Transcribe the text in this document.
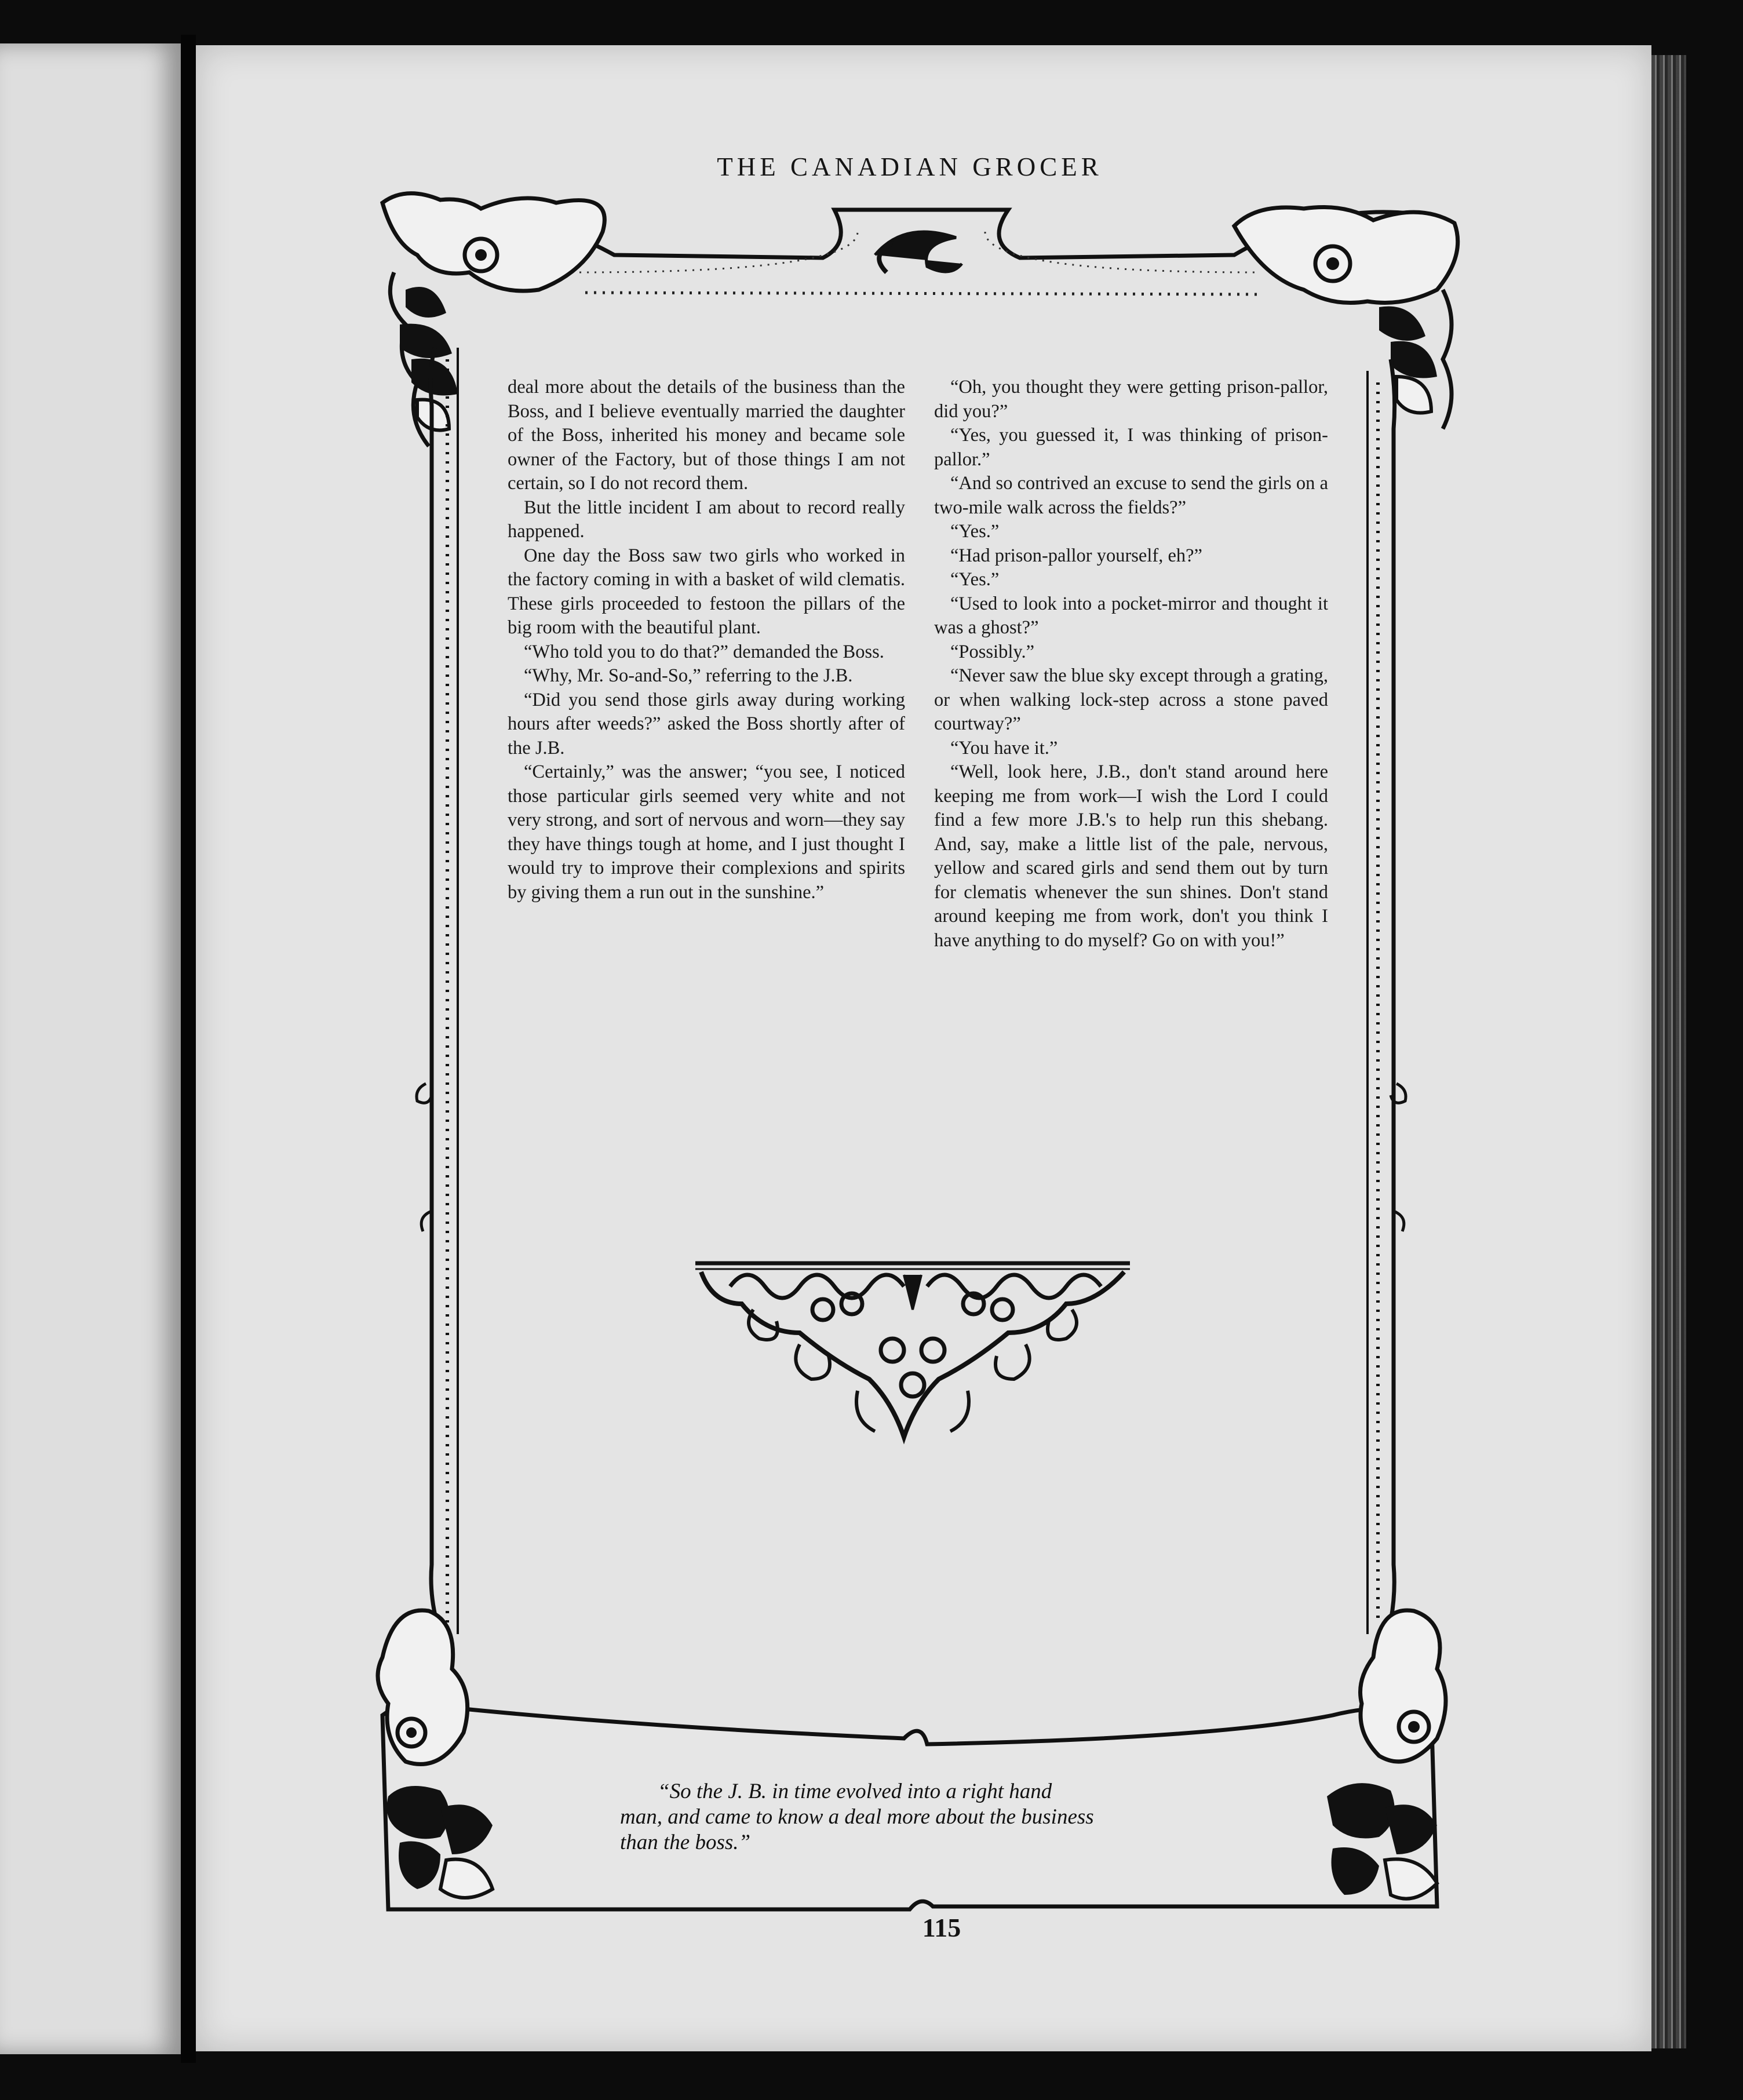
THE CANADIAN GROCER

deal more about the details of the business than the Boss, and I believe eventually married the daughter of the Boss, inherited his money and became sole owner of the Factory, but of those things I am not certain, so I do not record them.

But the little incident I am about to record really happened.

One day the Boss saw two girls who worked in the factory coming in with a basket of wild clematis. These girls proceeded to festoon the pillars of the big room with the beautiful plant.

“Who told you to do that?” demanded the Boss.

“Why, Mr. So-and-So,” referring to the J.B.

“Did you send those girls away during working hours after weeds?” asked the Boss shortly after of the J.B.

“Certainly,” was the answer; “you see, I noticed those particular girls seemed very white and not very strong, and sort of nervous and worn—they say they have things tough at home, and I just thought I would try to improve their complexions and spirits by giving them a run out in the sunshine.”

“Oh, you thought they were getting prison-pallor, did you?”

“Yes, you guessed it, I was thinking of prison-pallor.”

“And so contrived an excuse to send the girls on a two-mile walk across the fields?”

“Yes.”

“Had prison-pallor yourself, eh?”

“Yes.”

“Used to look into a pocket-mirror and thought it was a ghost?”

“Possibly.”

“Never saw the blue sky except through a grating, or when walking lock-step across a stone paved courtway?”

“You have it.”

“Well, look here, J.B., don't stand around here keeping me from work—I wish the Lord I could find a few more J.B.'s to help run this shebang. And, say, make a little list of the pale, nervous, yellow and scared girls and send them out by turn for clematis whenever the sun shines. Don't stand around keeping me from work, don't you think I have anything to do myself? Go on with you!”

“So the J. B. in time evolved into a right hand

man, and came to know a deal more about the business

than the boss.”

115
